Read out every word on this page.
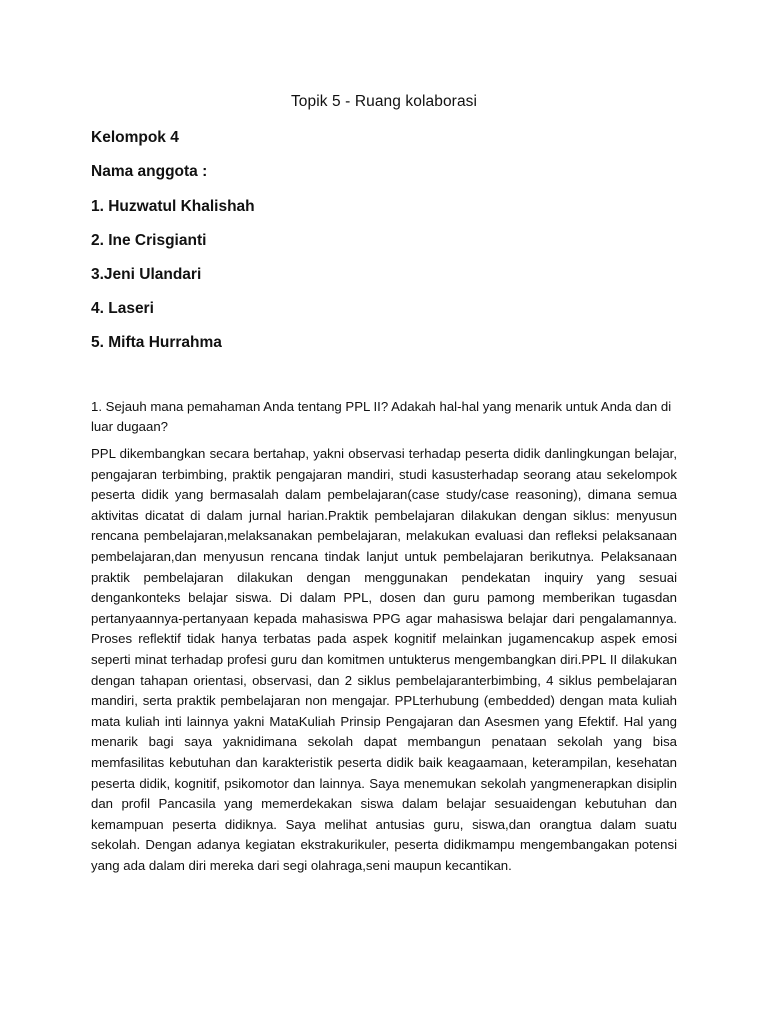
Topik 5 - Ruang kolaborasi
Kelompok 4
Nama anggota :
1. Huzwatul Khalishah
2. Ine Crisgianti
3.Jeni Ulandari
4. Laseri
5. Mifta Hurrahma
1. Sejauh mana pemahaman Anda tentang PPL II? Adakah hal-hal yang menarik untuk Anda dan di luar dugaan?
PPL dikembangkan secara bertahap, yakni observasi terhadap peserta didik danlingkungan belajar, pengajaran terbimbing, praktik pengajaran mandiri, studi kasusterhadap seorang atau sekelompok peserta didik yang bermasalah dalam pembelajaran(case study/case reasoning), dimana semua aktivitas dicatat di dalam jurnal harian.Praktik pembelajaran dilakukan dengan siklus: menyusun rencana pembelajaran,melaksanakan pembelajaran, melakukan evaluasi dan refleksi pelaksanaan pembelajaran,dan menyusun rencana tindak lanjut untuk pembelajaran berikutnya. Pelaksanaan praktik pembelajaran dilakukan dengan menggunakan pendekatan inquiry yang sesuai dengankonteks belajar siswa. Di dalam PPL, dosen dan guru pamong memberikan tugasdan pertanyaannya-pertanyaan kepada mahasiswa PPG agar mahasiswa belajar dari pengalamannya. Proses reflektif tidak hanya terbatas pada aspek kognitif melainkan jugamencakup aspek emosi seperti minat terhadap profesi guru dan komitmen untukterus mengembangkan diri.PPL II dilakukan dengan tahapan orientasi, observasi, dan 2 siklus pembelajaranterbimbing, 4 siklus pembelajaran mandiri, serta praktik pembelajaran non mengajar. PPLterhubung (embedded) dengan mata kuliah mata kuliah inti lainnya yakni MataKuliah Prinsip Pengajaran dan Asesmen yang Efektif. Hal yang menarik bagi saya yaknidimana sekolah dapat membangun penataan sekolah yang bisa memfasilitas kebutuhan dan karakteristik peserta didik baik keagaamaan, keterampilan, kesehatan peserta didik, kognitif, psikomotor dan lainnya. Saya menemukan sekolah yangmenerapkan disiplin dan profil Pancasila yang memerdekakan siswa dalam belajar sesuaidengan kebutuhan dan kemampuan peserta didiknya. Saya melihat antusias guru, siswa,dan orangtua dalam suatu sekolah. Dengan adanya kegiatan ekstrakurikuler, peserta didikmampu mengembangakan potensi yang ada dalam diri mereka dari segi olahraga,seni maupun kecantikan.
